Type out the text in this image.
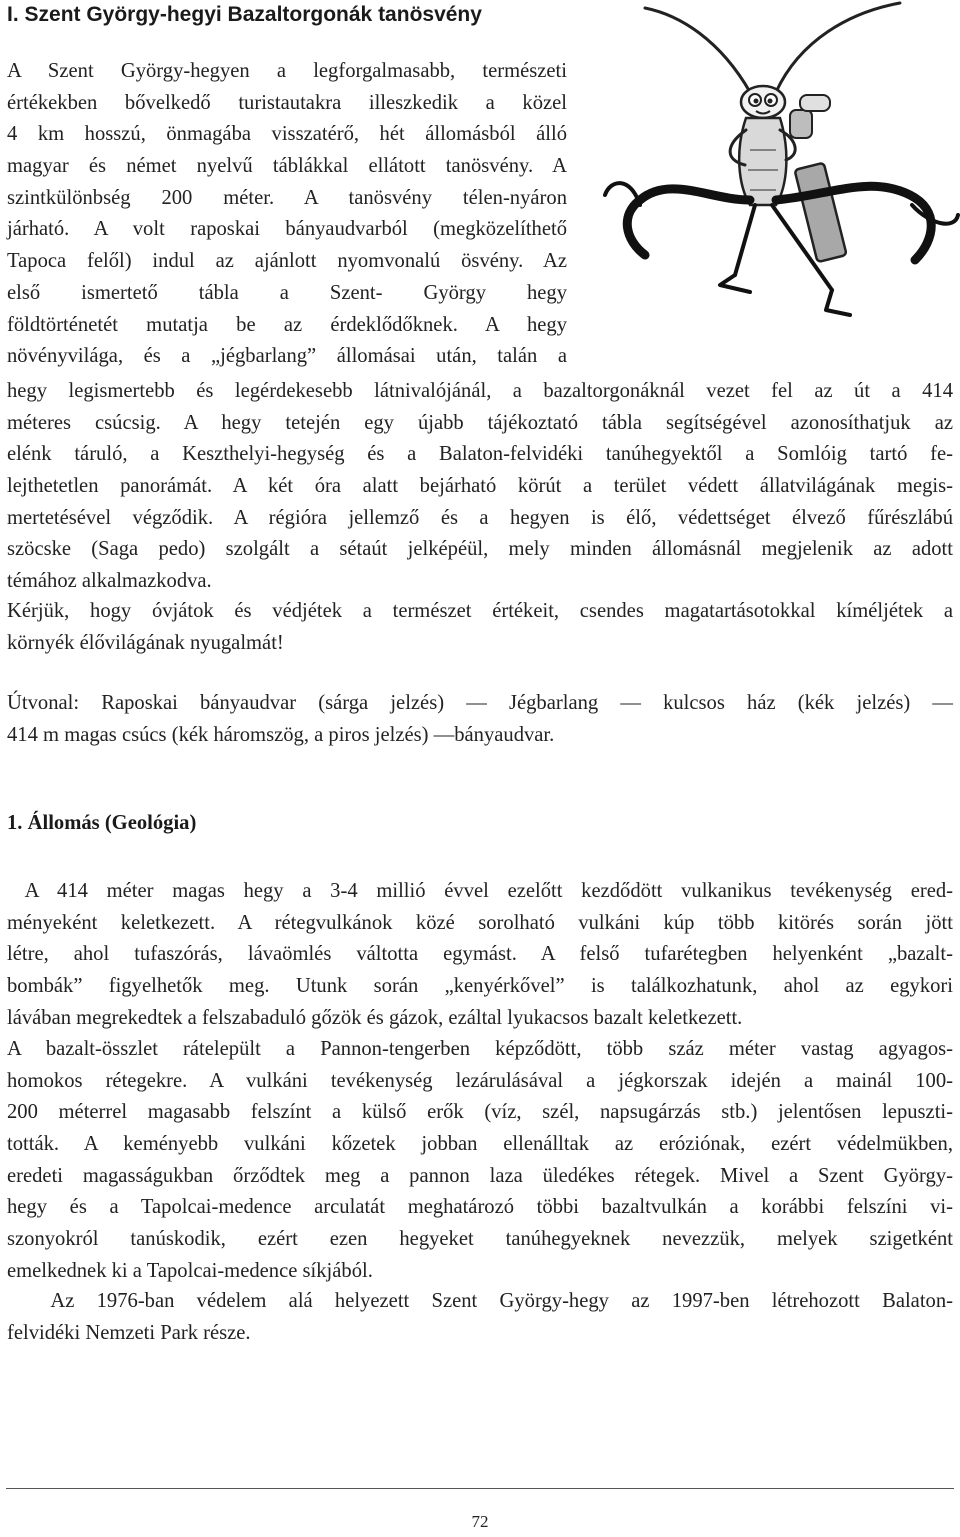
I. Szent György-hegyi Bazaltorgonák tanösvény

A Szent György-hegyen a legforgalmasabb, természeti
értékekben bővelkedő turistautakra illeszkedik a közel
4 km hosszú, önmagába visszatérő, hét állomásból álló
magyar és német nyelvű táblákkal ellátott tanösvény. A
szintkülönbség 200 méter. A tanösvény télen-nyáron
járható. A volt raposkai bányaudvarból (megközelíthető
Tapoca felől) indul az ajánlott nyomvonalú ösvény. Az
első ismertető tábla a Szent- György hegy
földtörténetét mutatja be az érdeklődőknek. A hegy
növényvilága, és a „jégbarlang” állomásai után, talán a

hegy legismertebb és legérdekesebb látnivalójánál, a bazaltorgonáknál vezet fel az út a 414
méteres csúcsig. A hegy tetején egy újabb tájékoztató tábla segítségével azonosíthatjuk az
elénk táruló, a Keszthelyi-hegység és a Balaton-felvidéki tanúhegyektől a Somlóig tartó fe-
lejthetetlen panorámát. A két óra alatt bejárható körút a terület védett állatvilágának megis-
mertetésével végződik. A régióra jellemző és a hegyen is élő, védettséget élvező fűrészlábú
szöcske (Saga pedo) szolgált a sétaút jelképéül, mely minden állomásnál megjelenik az adott
témához alkalmazkodva.

Kérjük, hogy óvjátok és védjétek a természet értékeit, csendes magatartásotokkal kíméljétek a
környék élővilágának nyugalmát!

Útvonal: Raposkai bányaudvar (sárga jelzés) — Jégbarlang — kulcsos ház (kék jelzés) —
414 m magas csúcs (kék háromszög, a piros jelzés) —bányaudvar.

1. Állomás (Geológia)

A 414 méter magas hegy a 3-4 millió évvel ezelőtt kezdődött vulkanikus tevékenység ered-
ményeként keletkezett. A rétegvulkánok közé sorolható vulkáni kúp több kitörés során jött
létre, ahol tufaszórás, lávaömlés váltotta egymást. A felső tufarétegben helyenként „bazalt-
bombák” figyelhetők meg. Utunk során „kenyérkővel” is találkozhatunk, ahol az egykori
lávában megrekedtek a felszabaduló gőzök és gázok, ezáltal lyukacsos bazalt keletkezett.

A bazalt-összlet rátelepült a Pannon-tengerben képződött, több száz méter vastag agyagos-
homokos rétegekre. A vulkáni tevékenység lezárulásával a jégkorszak idején a mainál 100-
200 méterrel magasabb felszínt a külső erők (víz, szél, napsugárzás stb.) jelentősen lepuszti-
tották. A keményebb vulkáni kőzetek jobban ellenálltak az eróziónak, ezért védelmükben,
eredeti magasságukban őrződtek meg a pannon laza üledékes rétegek. Mivel a Szent György-
hegy és a Tapolcai-medence arculatát meghatározó többi bazaltvulkán a korábbi felszíni vi-
szonyokról tanúskodik, ezért ezen hegyeket tanúhegyeknek nevezzük, melyek szigetként
emelkednek ki a Tapolcai-medence síkjából.

Az 1976-ban védelem alá helyezett Szent György-hegy az 1997-ben létrehozott Balaton-
felvidéki Nemzeti Park része.

72
